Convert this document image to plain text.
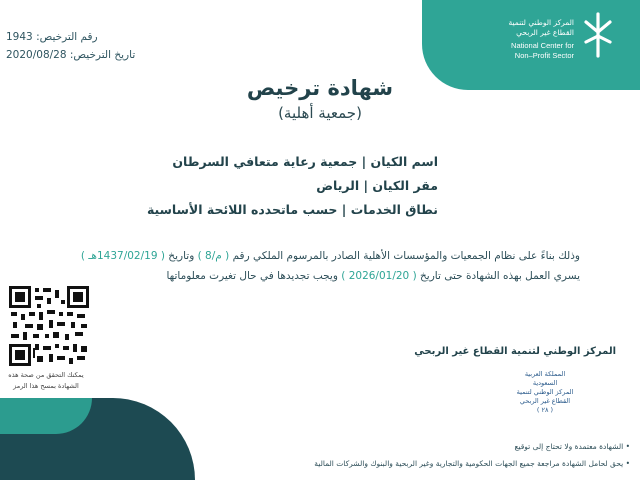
المركز الوطني لتنمية
القطاع غير الربحي
National Center for
Non–Profit Sector
رقم الترخيص: 1943
تاريخ الترخيص: 2020/08/28
شهادة ترخيص
(جمعية أهلية)
اسم الكيان | جمعية رعاية متعافي السرطان
مقر الكيان | الرياض
نطاق الخدمات | حسب ماتحدده اللائحة الأساسية
وذلك بناءً على نظام الجمعيات والمؤسسات الأهلية الصادر بالمرسوم الملكي رقم ( م/8 ) وتاريخ ( 1437/02/19هـ )
يسري العمل بهذه الشهادة حتى تاريخ ( 2026/01/20 ) ويجب تجديدها في حال تغيرت معلوماتها
يمكنك التحقق من صحة هذه
الشهادة بمسح هذا الرمز
المركز الوطني لتنمية القطاع غير الربحي
المملكة العربية السعودية
المركز الوطني لتنمية
القطاع غير الربحي
( ٢٨ )
• الشهادة معتمدة ولا تحتاج إلى توقيع
• يحق لحامل الشهادة مراجعة جميع الجهات الحكومية والتجارية وغير الربحية والبنوك والشركات المالية
